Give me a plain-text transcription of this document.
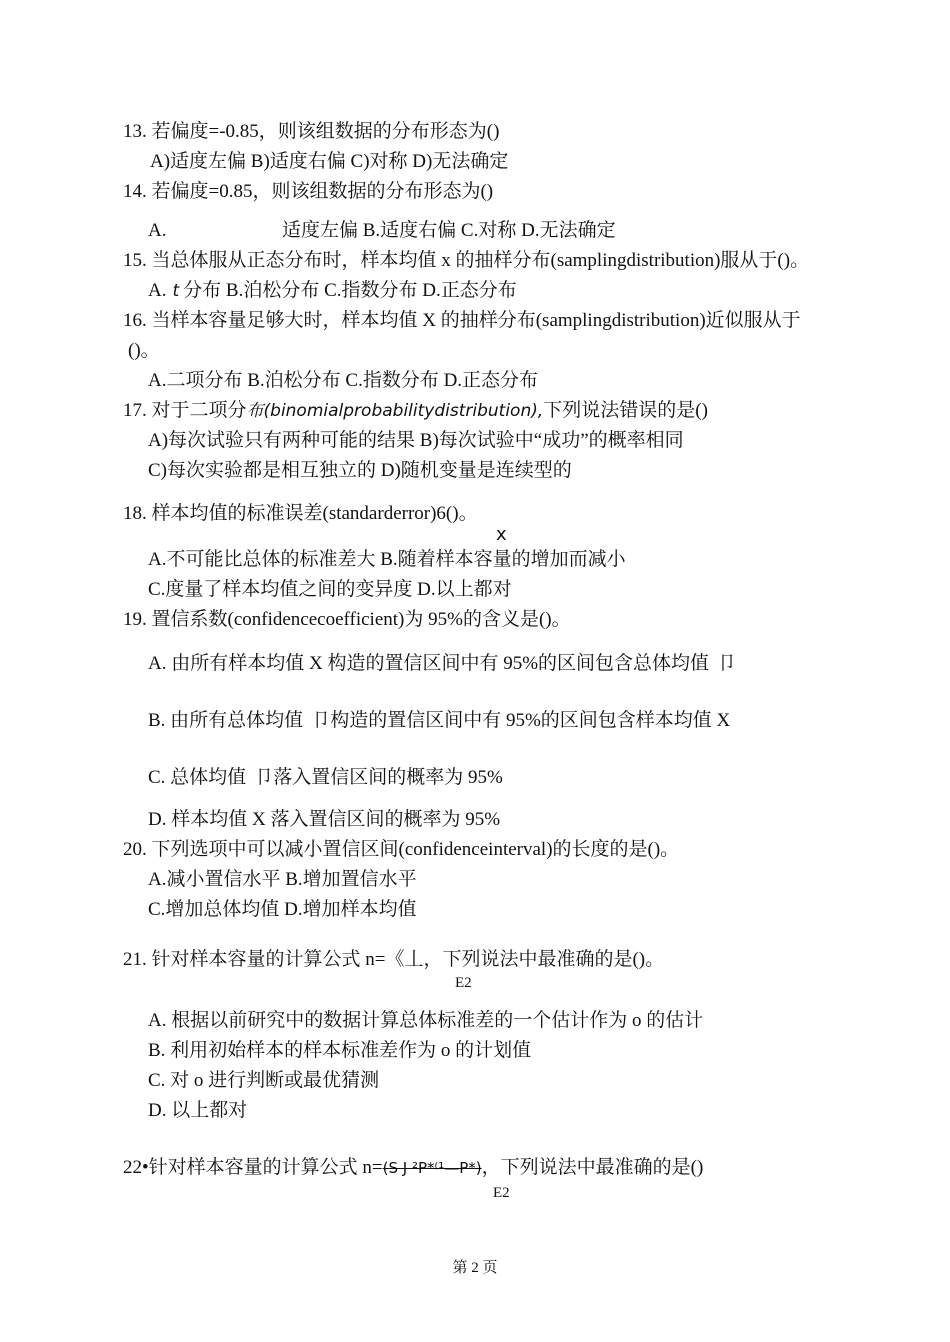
13. 若偏度=-0.85，则该组数据的分布形态为()
A)适度左偏 B)适度右偏 C)对称 D)无法确定
14. 若偏度=0.85，则该组数据的分布形态为()
A.	适度左偏 B.适度右偏 C.对称 D.无法确定
15. 当总体服从正态分布时，样本均值 x 的抽样分布(samplingdistribution)服从于()。
A. t 分布 B.泊松分布 C.指数分布 D.正态分布
16. 当样本容量足够大时，样本均值 X 的抽样分布(samplingdistribution)近似服从于
()。
A.二项分布 B.泊松分布 C.指数分布 D.正态分布
17. 对于二项分布(binomialprobabilitydistribution),下列说法错误的是()
A)每次试验只有两种可能的结果 B)每次试验中“成功”的概率相同
C)每次实验都是相互独立的 D)随机变量是连续型的
18. 样本均值的标准误差(standarderror)6()。
x
A.不可能比总体的标准差大 B.随着样本容量的增加而减小
C.度量了样本均值之间的变异度 D.以上都对
19. 置信系数(confidencecoefficient)为 95%的含义是()。
A. 由所有样本均值 X 构造的置信区间中有 95%的区间包含总体均值 卩
B. 由所有总体均值 卩构造的置信区间中有 95%的区间包含样本均值 X
C. 总体均值 卩落入置信区间的概率为 95%
D. 样本均值 X 落入置信区间的概率为 95%
20. 下列选项中可以减小置信区间(confidenceinterval)的长度的是()。
A.减小置信水平 B.增加置信水平
C.增加总体均值 D.增加样本均值
21. 针对样本容量的计算公式 n=《丄，下列说法中最准确的是()。
E2
A. 根据以前研究中的数据计算总体标准差的一个估计作为 o 的估计
B. 利用初始样本的样本标准差作为 o 的计划值
C. 对 o 进行判断或最优猜测
D. 以上都对
22•针对样本容量的计算公式 n=(S J ²P*⁽¹—P*)，下列说法中最准确的是()
E2
第 2 页
